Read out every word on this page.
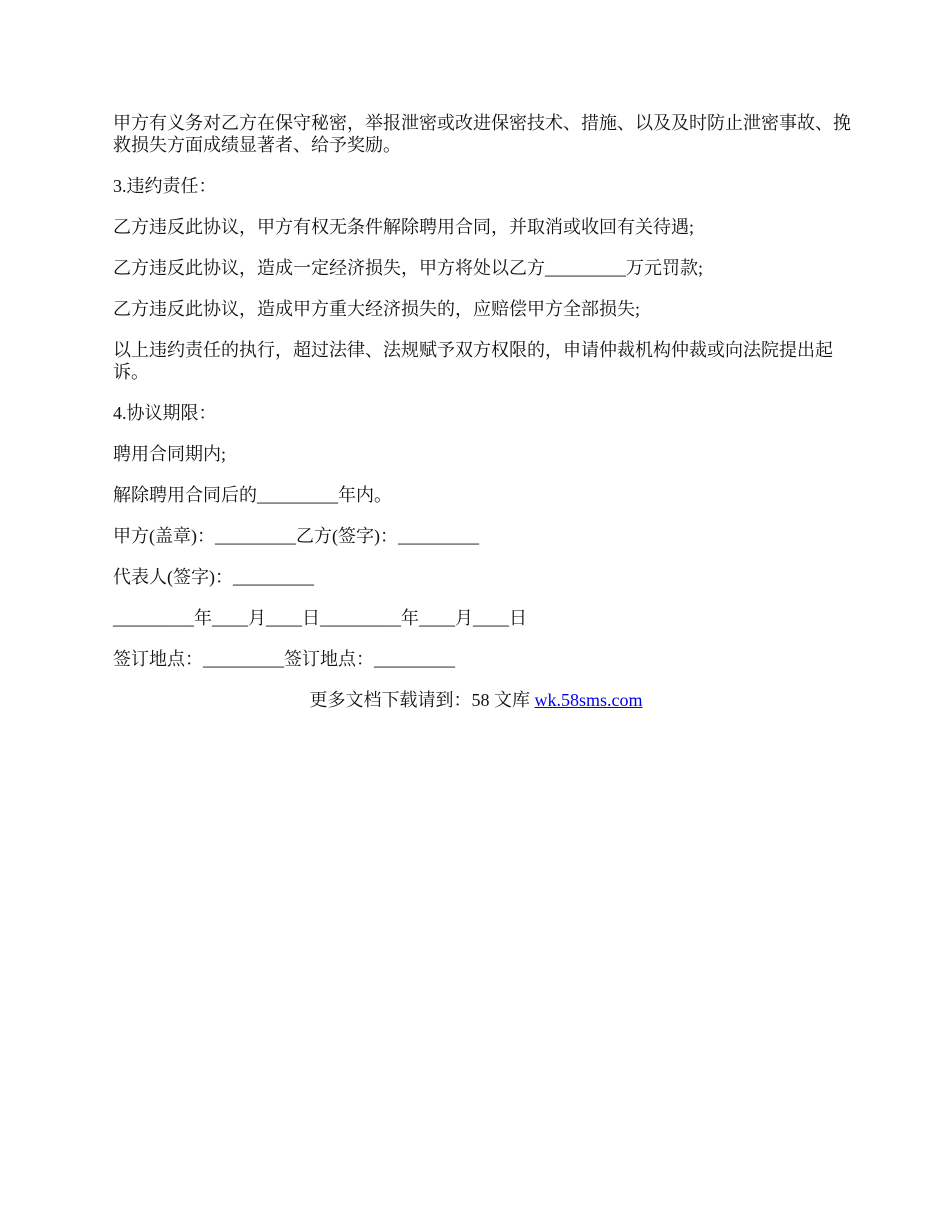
甲方有义务对乙方在保守秘密，举报泄密或改进保密技术、措施、以及及时防止泄密事故、挽救损失方面成绩显著者、给予奖励。

3.违约责任：

乙方违反此协议，甲方有权无条件解除聘用合同，并取消或收回有关待遇;

乙方违反此协议，造成一定经济损失，甲方将处以乙方_________万元罚款;

乙方违反此协议，造成甲方重大经济损失的，应赔偿甲方全部损失;

以上违约责任的执行，超过法律、法规赋予双方权限的，申请仲裁机构仲裁或向法院提出起诉。

4.协议期限：

聘用合同期内;

解除聘用合同后的_________年内。

甲方(盖章)：_________乙方(签字)：_________

代表人(签字)：_________

_________年____月____日_________年____月____日

签订地点：_________签订地点：_________

更多文档下载请到：58 文库 wk.58sms.com
